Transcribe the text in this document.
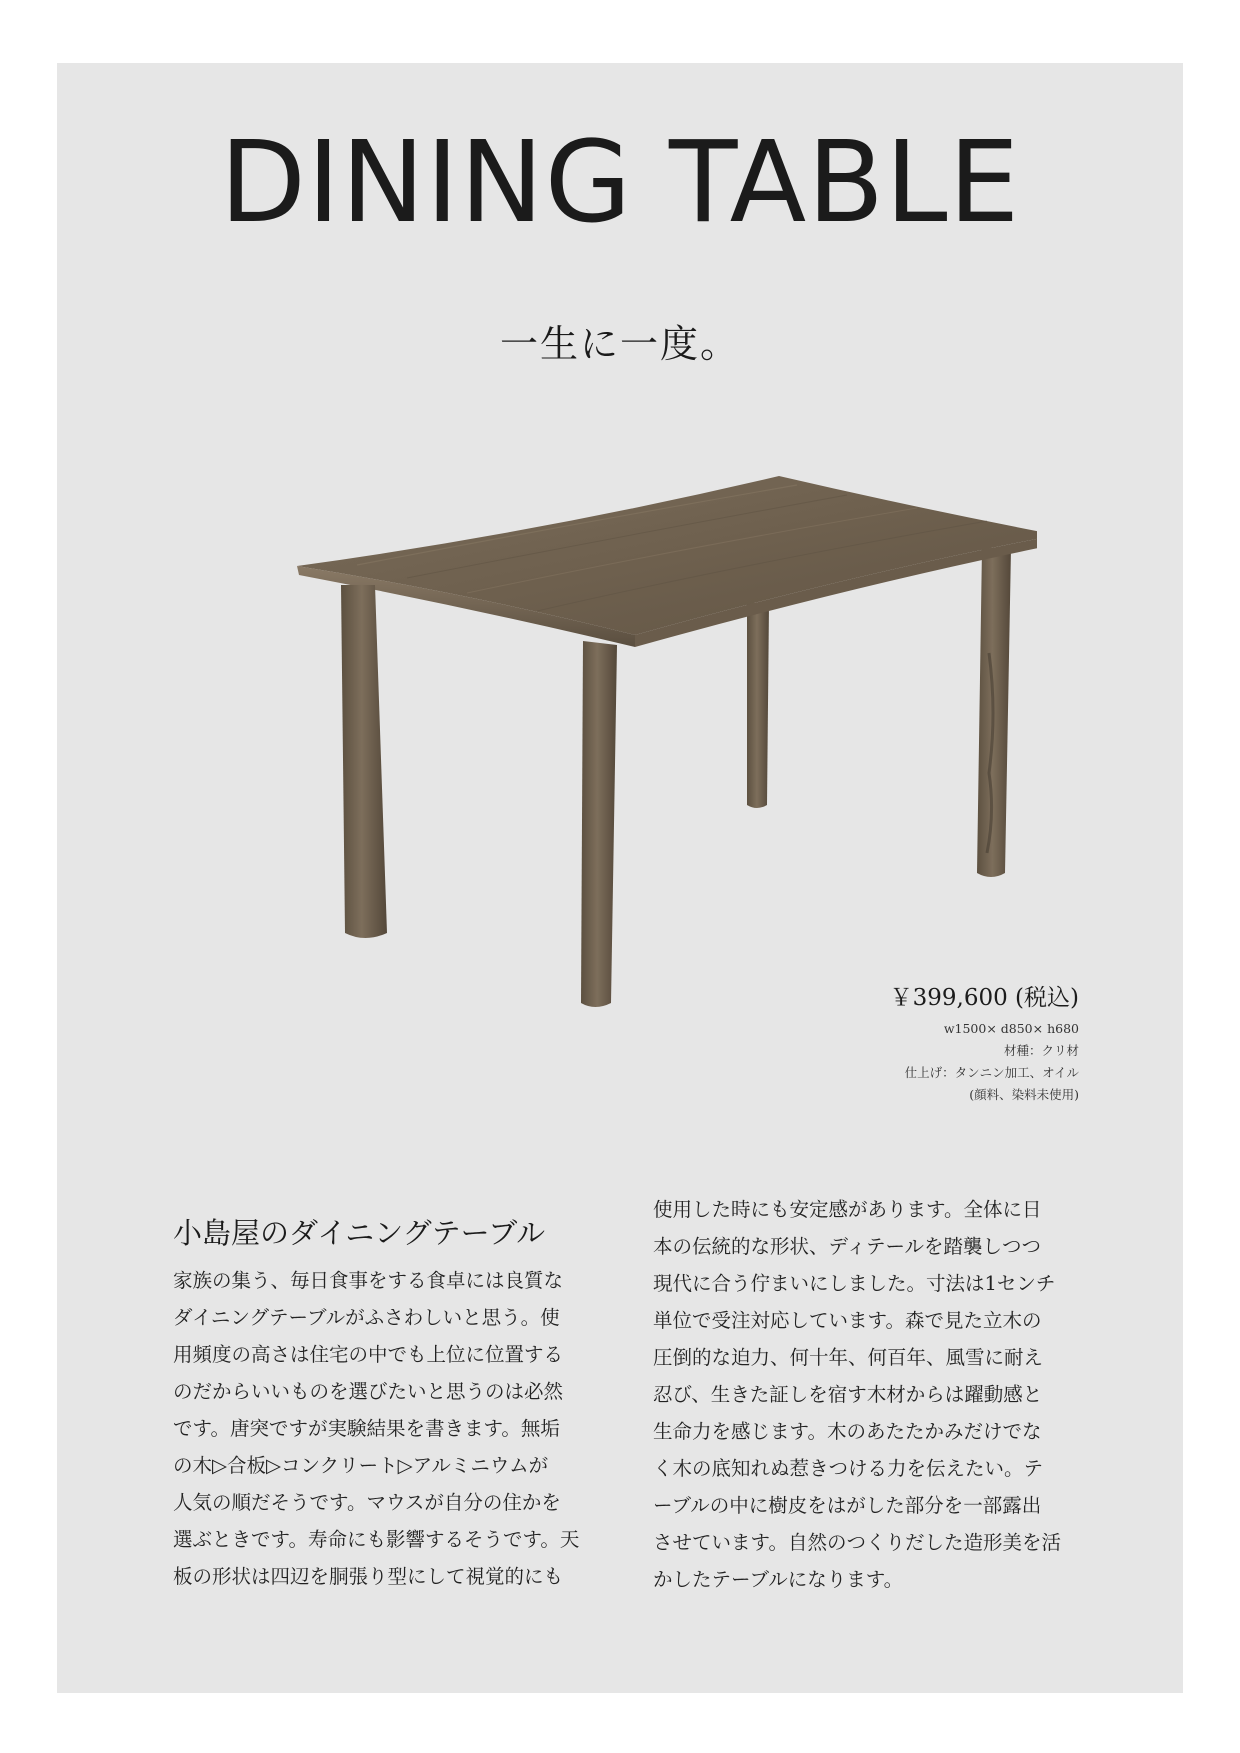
DINING TABLE
一生に一度。
￥399,600 (税込)
w1500× d850× h680
材種：クリ材
仕上げ：タンニン加工、オイル
(顔料、染料未使用)
小島屋のダイニングテーブル
家族の集う、毎日食事をする食卓には良質な
ダイニングテーブルがふさわしいと思う。使
用頻度の高さは住宅の中でも上位に位置する
のだからいいものを選びたいと思うのは必然
です。唐突ですが実験結果を書きます。無垢
の木▷合板▷コンクリート▷アルミニウムが
人気の順だそうです。マウスが自分の住かを
選ぶときです。寿命にも影響するそうです。天
板の形状は四辺を胴張り型にして視覚的にも
使用した時にも安定感があります。全体に日
本の伝統的な形状、ディテールを踏襲しつつ
現代に合う佇まいにしました。寸法は1センチ
単位で受注対応しています。森で見た立木の
圧倒的な迫力、何十年、何百年、風雪に耐え
忍び、生きた証しを宿す木材からは躍動感と
生命力を感じます。木のあたたかみだけでな
く木の底知れぬ惹きつける力を伝えたい。テ
ーブルの中に樹皮をはがした部分を一部露出
させています。自然のつくりだした造形美を活
かしたテーブルになります。
